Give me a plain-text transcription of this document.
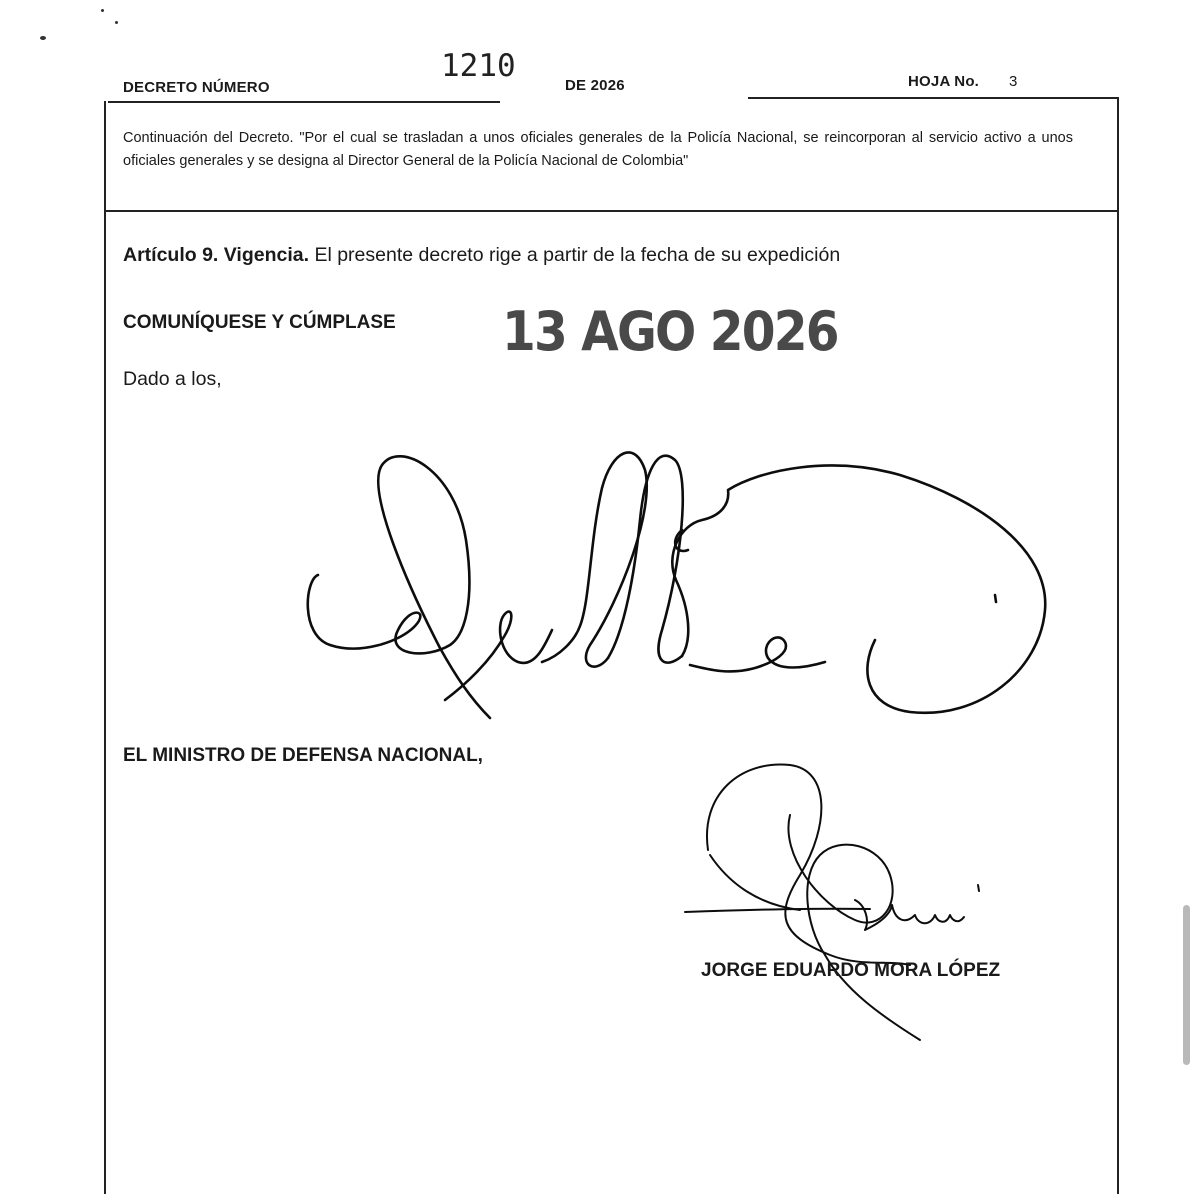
DECRETO NÚMERO
1210
DE 2026	HOJA No. 3
Continuación del Decreto. "Por el cual se trasladan a unos oficiales generales de la Policía Nacional, se reincorporan al servicio activo a unos oficiales generales y se designa al Director General de la Policía Nacional de Colombia"
Artículo 9. Vigencia. El presente decreto rige a partir de la fecha de su expedición
COMUNÍQUESE Y CÚMPLASE 13 AGO 2026
Dado a los,
EL MINISTRO DE DEFENSA NACIONAL,
JORGE EDUARDO MORA LÓPEZ
